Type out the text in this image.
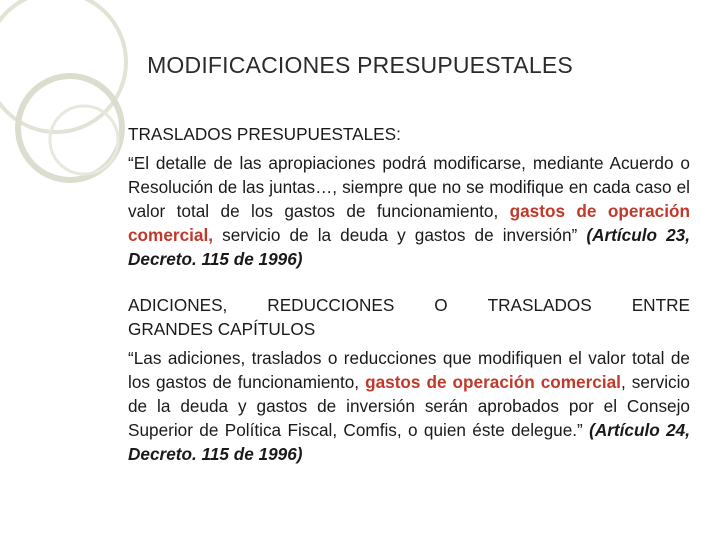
MODIFICACIONES PRESUPUESTALES

TRASLADOS PRESUPUESTALES:

“El detalle de las apropiaciones podrá modificarse, mediante Acuerdo o Resolución de las juntas…, siempre que no se modifique en cada caso el valor total de los gastos de funcionamiento, gastos de operación comercial, servicio de la deuda y gastos de inversión” (Artículo 23, Decreto. 115 de 1996)

ADICIONES, REDUCCIONES O TRASLADOS ENTRE
GRANDES CAPÍTULOS

“Las adiciones, traslados o reducciones que modifiquen el valor total de los gastos de funcionamiento, gastos de operación comercial, servicio de la deuda y gastos de inversión serán aprobados por el Consejo Superior de Política Fiscal, Comfis, o quien éste delegue.” (Artículo 24, Decreto. 115 de 1996)
